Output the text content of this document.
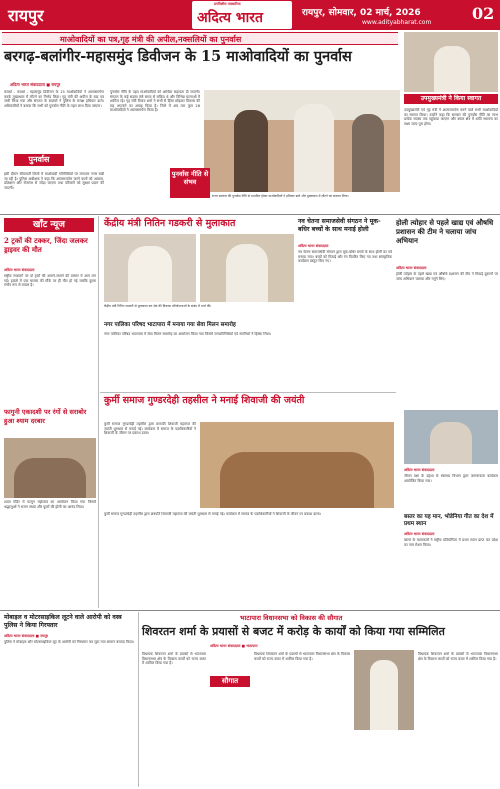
रायपुर
प्रगतिशील पत्रकारिता
अदित्य भारत	रायपुर, सोमवार, 02 मार्च, 2026
www.adityabharat.com	02
माओवादियों का पत्र,गृह मंत्री की अपील,नक्सलियों का पुनर्वास
बरगढ़-बलांगीर-महासमुंद डिवीजन के 15 माओवादियों का पुनर्वास
अदित्य भारत संवाददाता ■ रायपुर
कवर्धा - कवर्धा - महासमुंद डिवीजन के 15 माओवादियों ने आत्मसमर्पण करके मुख्यधारा में लौटने का निर्णय लिया। गृह मंत्री की अपील के बाद पत्र जारी किया गया और संगठन के सदस्यों ने पुलिस के समक्ष हथियार डाले। अधिकारियों ने बताया कि सभी को पुनर्वास नीति के तहत लाभ दिया जाएगा।
पुनर्वास
इसी दौरान सीमावर्ती जिलों में माओवादी गतिविधियों पर लगातार नजर रखी जा रही है। पुलिस अधीक्षक ने कहा कि आत्मसमर्पण करने वालों को आवास, प्रशिक्षण और रोजगार से जोड़ा जाएगा तथा परिवारों को सुरक्षा प्रदान की जाएगी।
पुनर्वास नीति के तहत माओवादियों को आर्थिक सहायता दी जाएगी। संगठन के कई सदस्य लंबे समय से सक्रिय थे और विभिन्न घटनाओं में शामिल रहे। गृह मंत्री विजय शर्मा ने सभी से हिंसा छोड़कर विकास की राह अपनाने का आग्रह किया है। जिले में अब तक कुल 28 माओवादियों ने आत्मसमर्पण किया है।
पुनर्वास नीति से संभव
राज्य सरकार की पुनर्वास नीति से प्रभावित होकर माओवादियों ने हथियार डाले और मुख्यधारा में लौटने का संकल्प लिया।
उपमुख्यमंत्री ने किया स्वागत
उपमुख्यमंत्री एवं गृह मंत्री ने आत्मसमर्पण करने वाले सभी माओवादियों का स्वागत किया। उन्होंने कहा कि सरकार की पुनर्वास नीति का लाभ प्रत्येक सदस्य तक पहुंचाया जाएगा और बस्तर क्षेत्र में शांति स्थापना का लक्ष्य जल्द पूरा होगा।
खाँट न्यूज
2 ट्रकों की टक्कर, जिंदा जलकर ड्राइवर की मौत
अदित्य भारत संवाददाता
राष्ट्रीय राजमार्ग पर दो ट्रकों की आमने-सामने की टक्कर में आग लग गई। हादसे में एक चालक की मौके पर ही मौत हो गई जबकि दूसरा गंभीर रूप से घायल है।
फागुनी एकादशी पर रंगों से सराबोर हुआ श्याम दरबार
श्याम मंदिर में फागुन महोत्सव का आयोजन किया गया जिसमें श्रद्धालुओं ने भजन संध्या और फूलों की होली का आनंद लिया।
केंद्रीय मंत्री नितिन गडकरी से मुलाकात
केंद्रीय मंत्री नितिन गडकरी से मुलाकात कर क्षेत्र की विकास परियोजनाओं के संबंध में चर्चा की।
नगर पालिका परिषद भाटापारा में मनाया गया सेवा मिलन समारोह
नगर पालिका परिषद भाटापारा में सेवा मिलन समारोह का आयोजन किया गया जिसमें जनप्रतिनिधियों एवं नागरिकों ने हिस्सा लिया।
नव चेतना समाजसेवी संगठन ने मूक-बधिर बच्चों के साथ मनाई होली
अदित्य भारत संवाददाता
नव चेतना समाजसेवी संगठन द्वारा मूक-बधिर बच्चों के साथ होली का पर्व मनाया गया। बच्चों को मिठाई और रंग वितरित किए गए तथा सांस्कृतिक कार्यक्रम प्रस्तुत किए गए।
होली त्योहार से पहले खाद्य एवं औषधि प्रशासन की टीम ने चलाया जांच अभियान
अदित्य भारत संवाददाता
होली त्योहार के पहले खाद्य एवं औषधि प्रशासन की टीम ने मिठाई दुकानों पर जांच अभियान चलाया और नमूने लिए।
कुर्मी समाज गुण्डरदेही तहसील ने मनाई शिवाजी की जयंती
कुर्मी समाज गुण्डरदेही तहसील द्वारा छत्रपति शिवाजी महाराज की जयंती धूमधाम से मनाई गई। कार्यक्रम में समाज के पदाधिकारियों ने शिवाजी के जीवन पर प्रकाश डाला।
कुर्मी समाज गुण्डरदेही तहसील द्वारा छत्रपति शिवाजी महाराज की जयंती धूमधाम से मनाई गई। कार्यक्रम में समाज के पदाधिकारियों ने शिवाजी के जीवन पर प्रकाश डाला।
अदित्य भारत संवाददाता
जीवन रक्षा के उद्देश्य से स्वास्थ्य विभाग द्वारा जागरूकता कार्यक्रम आयोजित किया गया।
बस्तर का यह मान, भोडेनिया गीत का देश में प्रथम स्थान
अदित्य भारत संवाददाता
बस्तर के कलाकारों ने राष्ट्रीय प्रतियोगिता में प्रथम स्थान प्राप्त कर प्रदेश का नाम रोशन किया।
मोबाइल व मोटरसाइकिल लूटने वाले आरोपी को वस्त्र पुलिस ने किया गिरफ्तार
अदित्य भारत संवाददाता ■ रायपुर
पुलिस ने मोबाइल और मोटरसाइकिल लूट के आरोपी को गिरफ्तार कर लूटा गया सामान बरामद किया।
भाटापारा विधानसभा को विकास की सौगात
शिवरतन शर्मा के प्रयासों से बजट में करोड़ के कार्यों को किया गया सम्मिलित
अदित्य भारत संवाददाता ■ भाटापारा
विधायक शिवरतन शर्मा के प्रयासों से भाटापारा विधानसभा क्षेत्र के विकास कार्यों को राज्य बजट में शामिल किया गया है।
सौगात
विधायक शिवरतन शर्मा के प्रयासों से भाटापारा विधानसभा क्षेत्र के विकास कार्यों को राज्य बजट में शामिल किया गया है।
विधायक शिवरतन शर्मा के प्रयासों से भाटापारा विधानसभा क्षेत्र के विकास कार्यों को राज्य बजट में शामिल किया गया है।
